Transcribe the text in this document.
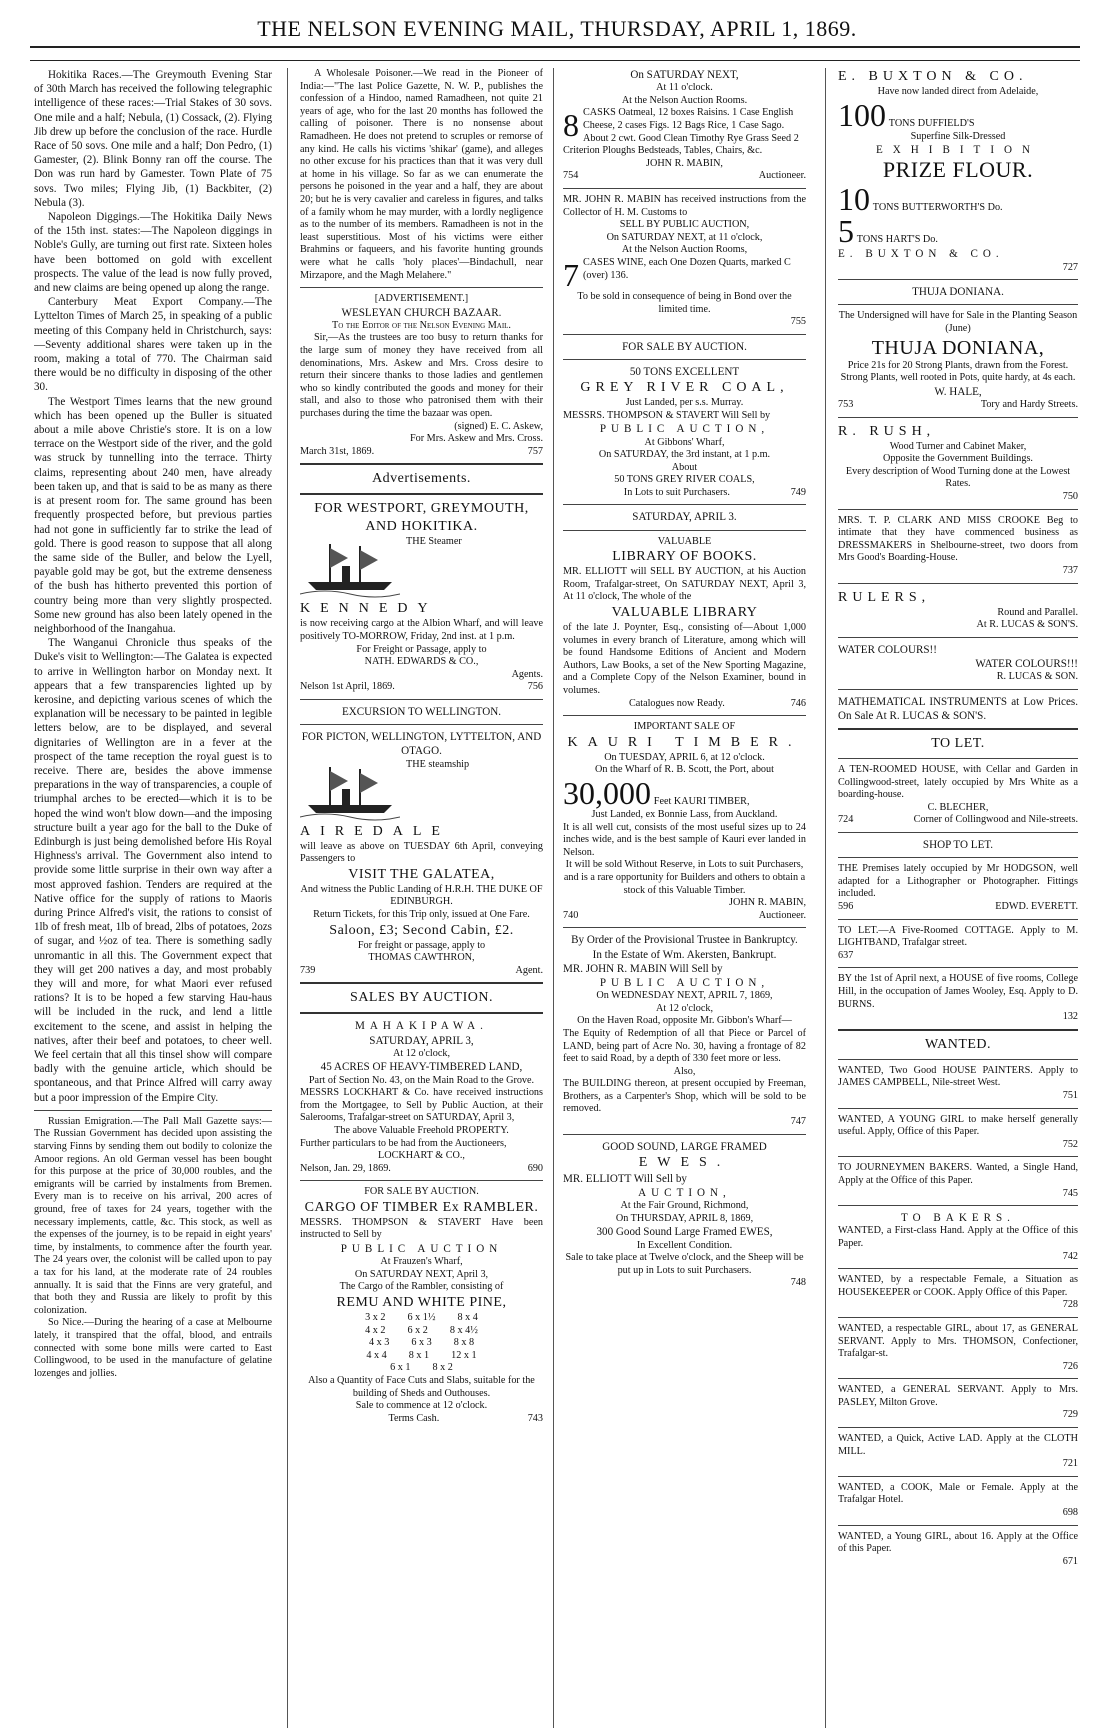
THE NELSON EVENING MAIL, THURSDAY, APRIL 1, 1869.

Hokitika Races.—The Greymouth Evening Star of 30th March has received the following telegraphic intelligence of these races:—Trial Stakes of 30 sovs. One mile and a half; Nebula, (1) Cossack, (2). Flying Jib drew up before the conclusion of the race. Hurdle Race of 50 sovs. One mile and a half; Don Pedro, (1) Gamester, (2). Blink Bonny ran off the course. The Don was run hard by Gamester. Town Plate of 75 sovs. Two miles; Flying Jib, (1) Backbiter, (2) Nebula (3).

Napoleon Diggings.—The Hokitika Daily News of the 15th inst. states:—The Napoleon diggings in Noble's Gully, are turning out first rate. Sixteen holes have been bottomed on gold with excellent prospects. The value of the lead is now fully proved, and new claims are being opened up along the range.

Canterbury Meat Export Company.—The Lyttelton Times of March 25, in speaking of a public meeting of this Company held in Christchurch, says:—Seventy additional shares were taken up in the room, making a total of 770. The Chairman said there would be no difficulty in disposing of the other 30.

The Westport Times learns that the new ground which has been opened up the Buller is situated about a mile above Christie's store. It is on a low terrace on the Westport side of the river, and the gold was struck by tunnelling into the terrace. Thirty claims, representing about 240 men, have already been taken up, and that is said to be as many as there is at present room for. The same ground has been frequently prospected before, but previous parties had not gone in sufficiently far to strike the lead of gold. There is good reason to suppose that all along the same side of the Buller, and below the Lyell, payable gold may be got, but the extreme denseness of the bush has hitherto prevented this portion of country being more than very slightly prospected. Some new ground has also been lately opened in the neighborhood of the Inangahua.

The Wanganui Chronicle thus speaks of the Duke's visit to Wellington:—The Galatea is expected to arrive in Wellington harbor on Monday next. It appears that a few transparencies lighted up by kerosine, and depicting various scenes of which the explanation will be necessary to be painted in legible letters below, are to be displayed, and several dignitaries of Wellington are in a fever at the prospect of the tame reception the royal guest is to receive. There are, besides the above immense preparations in the way of transparencies, a couple of triumphal arches to be erected—which it is to be hoped the wind won't blow down—and the imposing structure built a year ago for the ball to the Duke of Edinburgh is just being demolished before His Royal Highness's arrival. The Government also intend to provide some little surprise in their own way after a most approved fashion. Tenders are required at the Native office for the supply of rations to Maoris during Prince Alfred's visit, the rations to consist of 1lb of fresh meat, 1lb of bread, 2lbs of potatoes, 2ozs of sugar, and ½oz of tea. There is something sadly unromantic in all this. The Government expect that they will get 200 natives a day, and most probably they will and more, for what Maori ever refused rations? It is to be hoped a few starving Hau-haus will be included in the ruck, and lend a little excitement to the scene, and assist in helping the natives, after their beef and potatoes, to cheer well. We feel certain that all this tinsel show will compare badly with the genuine article, which should be spontaneous, and that Prince Alfred will carry away but a poor impression of the Empire City.

Russian Emigration.—The Pall Mall Gazette says:—The Russian Government has decided upon assisting the starving Finns by sending them out bodily to colonize the Amoor regions. An old German vessel has been bought for this purpose at the price of 30,000 roubles, and the emigrants will be carried by instalments from Bremen. Every man is to receive on his arrival, 200 acres of ground, free of taxes for 24 years, together with the necessary implements, cattle, &c. This stock, as well as the expenses of the journey, is to be repaid in eight years' time, by instalments, to commence after the fourth year. The 24 years over, the colonist will be called upon to pay a tax for his land, at the moderate rate of 24 roubles annually. It is said that the Finns are very grateful, and that both they and Russia are likely to profit by this colonization.

So Nice.—During the hearing of a case at Melbourne lately, it transpired that the offal, blood, and entrails connected with some bone mills were carted to East Collingwood, to be used in the manufacture of gelatine lozenges and jollies.

A Wholesale Poisoner.—We read in the Pioneer of India:—"The last Police Gazette, N. W. P., publishes the confession of a Hindoo, named Ramadheen, not quite 21 years of age, who for the last 20 months has followed the calling of poisoner. There is no nonsense about Ramadheen. He does not pretend to scruples or remorse of any kind. He calls his victims 'shikar' (game), and alleges no other excuse for his practices than that it was very dull at home in his village. So far as we can enumerate the persons he poisoned in the year and a half, they are about 20; but he is very cavalier and careless in figures, and talks of a family whom he may murder, with a lordly negligence as to the number of its members. Ramadheen is not in the least superstitious. Most of his victims were either Brahmins or faqueers, and his favorite hunting grounds were what he calls 'holy places'—Bindachull, near Mirzapore, and the Magh Melahere."

[ADVERTISEMENT.]

WESLEYAN CHURCH BAZAAR.

To the Editor of the Nelson Evening Mail.

Sir,—As the trustees are too busy to return thanks for the large sum of money they have received from all denominations, Mrs. Askew and Mrs. Cross desire to return their sincere thanks to those ladies and gentlemen who so kindly contributed the goods and money for their stall, and also to those who patronised them with their purchases during the time the bazaar was open.

(signed) E. C. Askew,

For Mrs. Askew and Mrs. Cross.

March 31st, 1869.	757

Advertisements.

FOR WESTPORT, GREYMOUTH, AND HOKITIKA.

THE Steamer

KENNEDY

is now receiving cargo at the Albion Wharf, and will leave positively TO-MORROW, Friday, 2nd inst. at 1 p.m.

For Freight or Passage, apply to

NATH. EDWARDS & CO.,

Agents.

Nelson 1st April, 1869.	756

EXCURSION TO WELLINGTON.

FOR PICTON, WELLINGTON, LYTTELTON, AND OTAGO.

THE steamship

AIREDALE

will leave as above on TUESDAY 6th April, conveying Passengers to

VISIT THE GALATEA,

And witness the Public Landing of H.R.H. THE DUKE OF EDINBURGH.

Return Tickets, for this Trip only, issued at One Fare.

Saloon, £3; Second Cabin, £2.

For freight or passage, apply to

THOMAS CAWTHRON,

739	Agent.

SALES BY AUCTION.

MAHAKIPAWA.

SATURDAY, APRIL 3,

At 12 o'clock,

45 ACRES OF HEAVY-TIMBERED LAND,

Part of Section No. 43, on the Main Road to the Grove.

MESSRS LOCKHART & Co. have received instructions from the Mortgagee, to Sell by Public Auction, at their Salerooms, Trafalgar-street on SATURDAY, April 3,

The above Valuable Freehold PROPERTY.

Further particulars to be had from the Auctioneers,

LOCKHART & CO.,

Nelson, Jan. 29, 1869.	690

FOR SALE BY AUCTION.

CARGO OF TIMBER Ex RAMBLER.

MESSRS. THOMPSON & STAVERT Have been instructed to Sell by

PUBLIC AUCTION

At Frauzen's Wharf,

On SATURDAY NEXT, April 3,

The Cargo of the Rambler, consisting of

REMU AND WHITE PINE,

3 x 2 6 x 1½ 8 x 4
4 x 2 6 x 2 8 x 4½
4 x 3 6 x 3 8 x 8
4 x 4 8 x 1 12 x 1
6 x 1 8 x 2

Also a Quantity of Face Cuts and Slabs, suitable for the building of Sheds and Outhouses.

Sale to commence at 12 o'clock.

Terms Cash.	743

On SATURDAY NEXT,

At 11 o'clock.

At the Nelson Auction Rooms.

8 CASKS Oatmeal, 12 boxes Raisins. 1 Case English Cheese, 2 cases Figs. 12 Bags Rice, 1 Case Sago. About 2 cwt. Good Clean Timothy Rye Grass Seed 2 Criterion Ploughs Bedsteads, Tables, Chairs, &c.

JOHN R. MABIN,

754	Auctioneer.

MR. JOHN R. MABIN has received instructions from the Collector of H. M. Customs to

SELL BY PUBLIC AUCTION,

On SATURDAY NEXT, at 11 o'clock,

At the Nelson Auction Rooms,

7 CASES WINE, each One Dozen Quarts, marked C (over) 136.

To be sold in consequence of being in Bond over the limited time.

755

FOR SALE BY AUCTION.

50 TONS EXCELLENT

GREY RIVER COAL,

Just Landed, per s.s. Murray.

MESSRS. THOMPSON & STAVERT Will Sell by

PUBLIC AUCTION,

At Gibbons' Wharf,

On SATURDAY, the 3rd instant, at 1 p.m.

About

50 TONS GREY RIVER COALS,

In Lots to suit Purchasers.	749

SATURDAY, APRIL 3.

VALUABLE

LIBRARY OF BOOKS.

MR. ELLIOTT will SELL BY AUCTION, at his Auction Room, Trafalgar-street, On SATURDAY NEXT, April 3, At 11 o'clock, The whole of the

VALUABLE LIBRARY

of the late J. Poynter, Esq., consisting of—About 1,000 volumes in every branch of Literature, among which will be found Handsome Editions of Ancient and Modern Authors, Law Books, a set of the New Sporting Magazine, and a Complete Copy of the Nelson Examiner, bound in volumes.

Catalogues now Ready.	746

IMPORTANT SALE OF

KAURI TIMBER.

On TUESDAY, APRIL 6, at 12 o'clock.

On the Wharf of R. B. Scott, the Port, about

30,000 Feet KAURI TIMBER,

Just Landed, ex Bonnie Lass, from Auckland.

It is all well cut, consists of the most useful sizes up to 24 inches wide, and is the best sample of Kauri ever landed in Nelson.

It will be sold Without Reserve, in Lots to suit Purchasers, and is a rare opportunity for Builders and others to obtain a stock of this Valuable Timber.

JOHN R. MABIN,

740	Auctioneer.

By Order of the Provisional Trustee in Bankruptcy.

In the Estate of Wm. Akersten, Bankrupt.

MR. JOHN R. MABIN Will Sell by

PUBLIC AUCTION,

On WEDNESDAY NEXT, APRIL 7, 1869,

At 12 o'clock,

On the Haven Road, opposite Mr. Gibbon's Wharf—

The Equity of Redemption of all that Piece or Parcel of LAND, being part of Acre No. 30, having a frontage of 82 feet to said Road, by a depth of 330 feet more or less.

Also,

The BUILDING thereon, at present occupied by Freeman, Brothers, as a Carpenter's Shop, which will be sold to be removed.

747

GOOD SOUND, LARGE FRAMED

EWES.

MR. ELLIOTT Will Sell by

AUCTION,

At the Fair Ground, Richmond,

On THURSDAY, APRIL 8, 1869,

300 Good Sound Large Framed EWES,

In Excellent Condition.

Sale to take place at Twelve o'clock, and the Sheep will be put up in Lots to suit Purchasers.

748

E. BUXTON & CO.

Have now landed direct from Adelaide,

100 TONS DUFFIELD'S

Superfine Silk-Dressed

EXHIBITION

PRIZE FLOUR.

10 TONS BUTTERWORTH'S Do.
5 TONS HART'S Do.

E. BUXTON & CO.

727

THUJA DONIANA.

The Undersigned will have for Sale in the Planting Season (June)

THUJA DONIANA,

Price 21s for 20 Strong Plants, drawn from the Forest.

Strong Plants, well rooted in Pots, quite hardy, at 4s each.

W. HALE,

753	Tory and Hardy Streets.

R. RUSH,

Wood Turner and Cabinet Maker,

Opposite the Government Buildings.

Every description of Wood Turning done at the Lowest Rates.

750

MRS. T. P. CLARK AND MISS CROOKE Beg to intimate that they have commenced business as DRESSMAKERS in Shelbourne-street, two doors from Mrs Good's Boarding-House.

737

RULERS,

Round and Parallel.

At R. LUCAS & SON'S.

WATER COLOURS!!

WATER COLOURS!!!

R. LUCAS & SON.

MATHEMATICAL INSTRUMENTS at Low Prices. On Sale At R. LUCAS & SON'S.

TO LET.

A TEN-ROOMED HOUSE, with Cellar and Garden in Collingwood-street, lately occupied by Mrs White as a boarding-house.

C. BLECHER,

724	Corner of Collingwood and Nile-streets.

SHOP TO LET.

THE Premises lately occupied by Mr HODGSON, well adapted for a Lithographer or Photographer. Fittings included.

596	EDWD. EVERETT.

TO LET.—A Five-Roomed COTTAGE. Apply to M. LIGHTBAND, Trafalgar street.

637

BY the 1st of April next, a HOUSE of five rooms, College Hill, in the occupation of James Wooley, Esq. Apply to D. BURNS.

132

WANTED.

WANTED, Two Good HOUSE PAINTERS. Apply to JAMES CAMPBELL, Nile-street West.

751

WANTED, A YOUNG GIRL to make herself generally useful. Apply, Office of this Paper.

752

TO JOURNEYMEN BAKERS. Wanted, a Single Hand, Apply at the Office of this Paper.

745

TO BAKERS.

WANTED, a First-class Hand. Apply at the Office of this Paper.

742

WANTED, by a respectable Female, a Situation as HOUSEKEEPER or COOK. Apply Office of this Paper.

728

WANTED, a respectable GIRL, about 17, as GENERAL SERVANT. Apply to Mrs. THOMSON, Confectioner, Trafalgar-st.

726

WANTED, a GENERAL SERVANT. Apply to Mrs. PASLEY, Milton Grove.

729

WANTED, a Quick, Active LAD. Apply at the CLOTH MILL.

721

WANTED, a COOK, Male or Female. Apply at the Trafalgar Hotel.

698

WANTED, a Young GIRL, about 16. Apply at the Office of this Paper.

671
